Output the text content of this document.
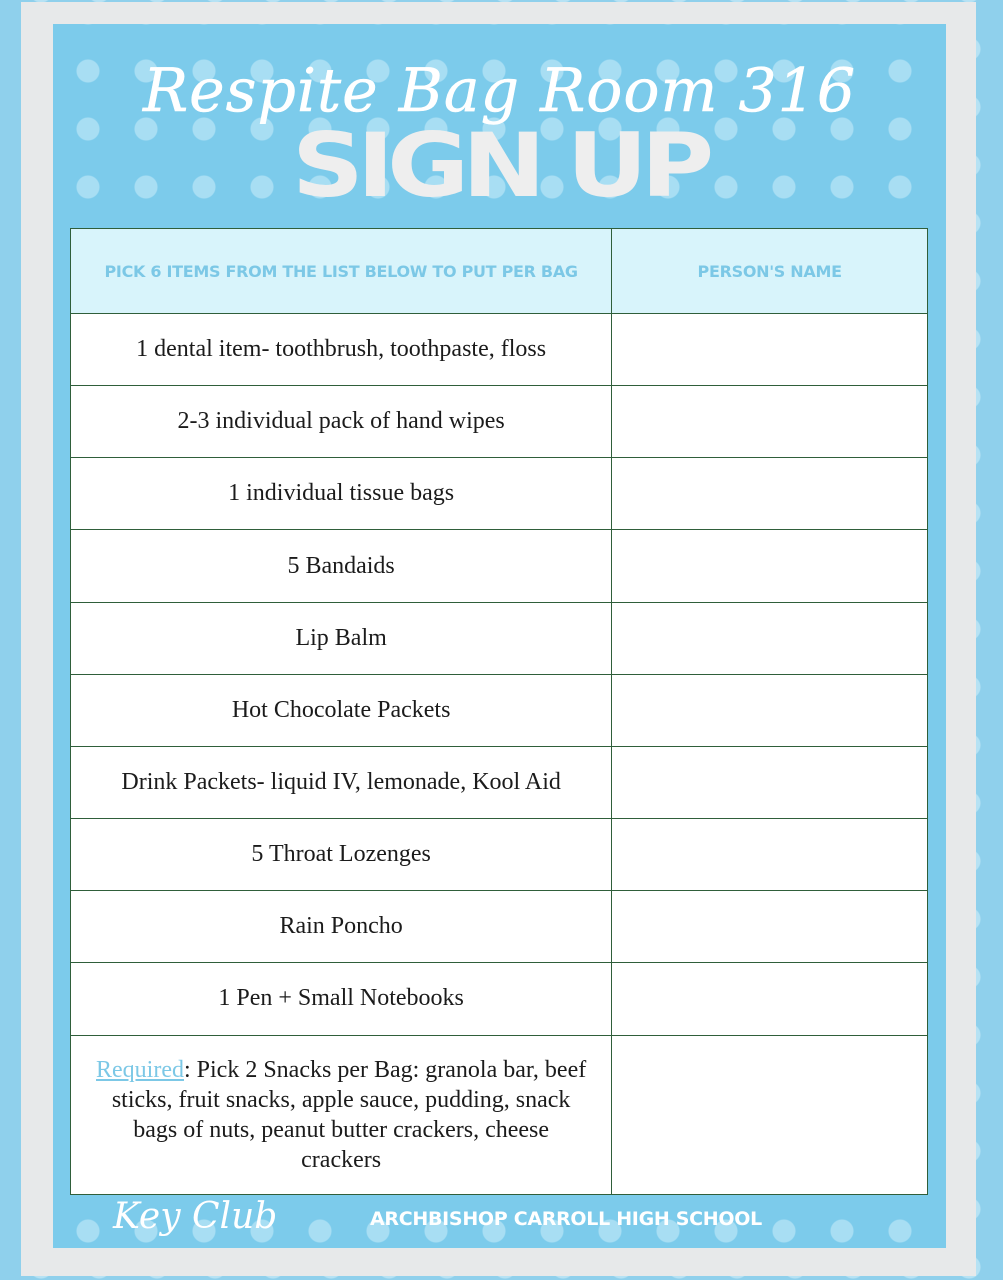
Respite Bag Room 316
SIGN UP
PICK 6 ITEMS FROM THE LIST BELOW TO PUT PER BAG	PERSON'S NAME
1 dental item- toothbrush, toothpaste, floss	
2-3 individual pack of hand wipes	
1 individual tissue bags	
5 Bandaids	
Lip Balm	
Hot Chocolate Packets	
Drink Packets- liquid IV, lemonade, Kool Aid	
5 Throat Lozenges	
Rain Poncho	
1 Pen + Small Notebooks	
Required: Pick 2 Snacks per Bag: granola bar, beef sticks, fruit snacks, apple sauce, pudding, snack bags of nuts, peanut butter crackers, cheese crackers	
Key Club	ARCHBISHOP CARROLL HIGH SCHOOL
